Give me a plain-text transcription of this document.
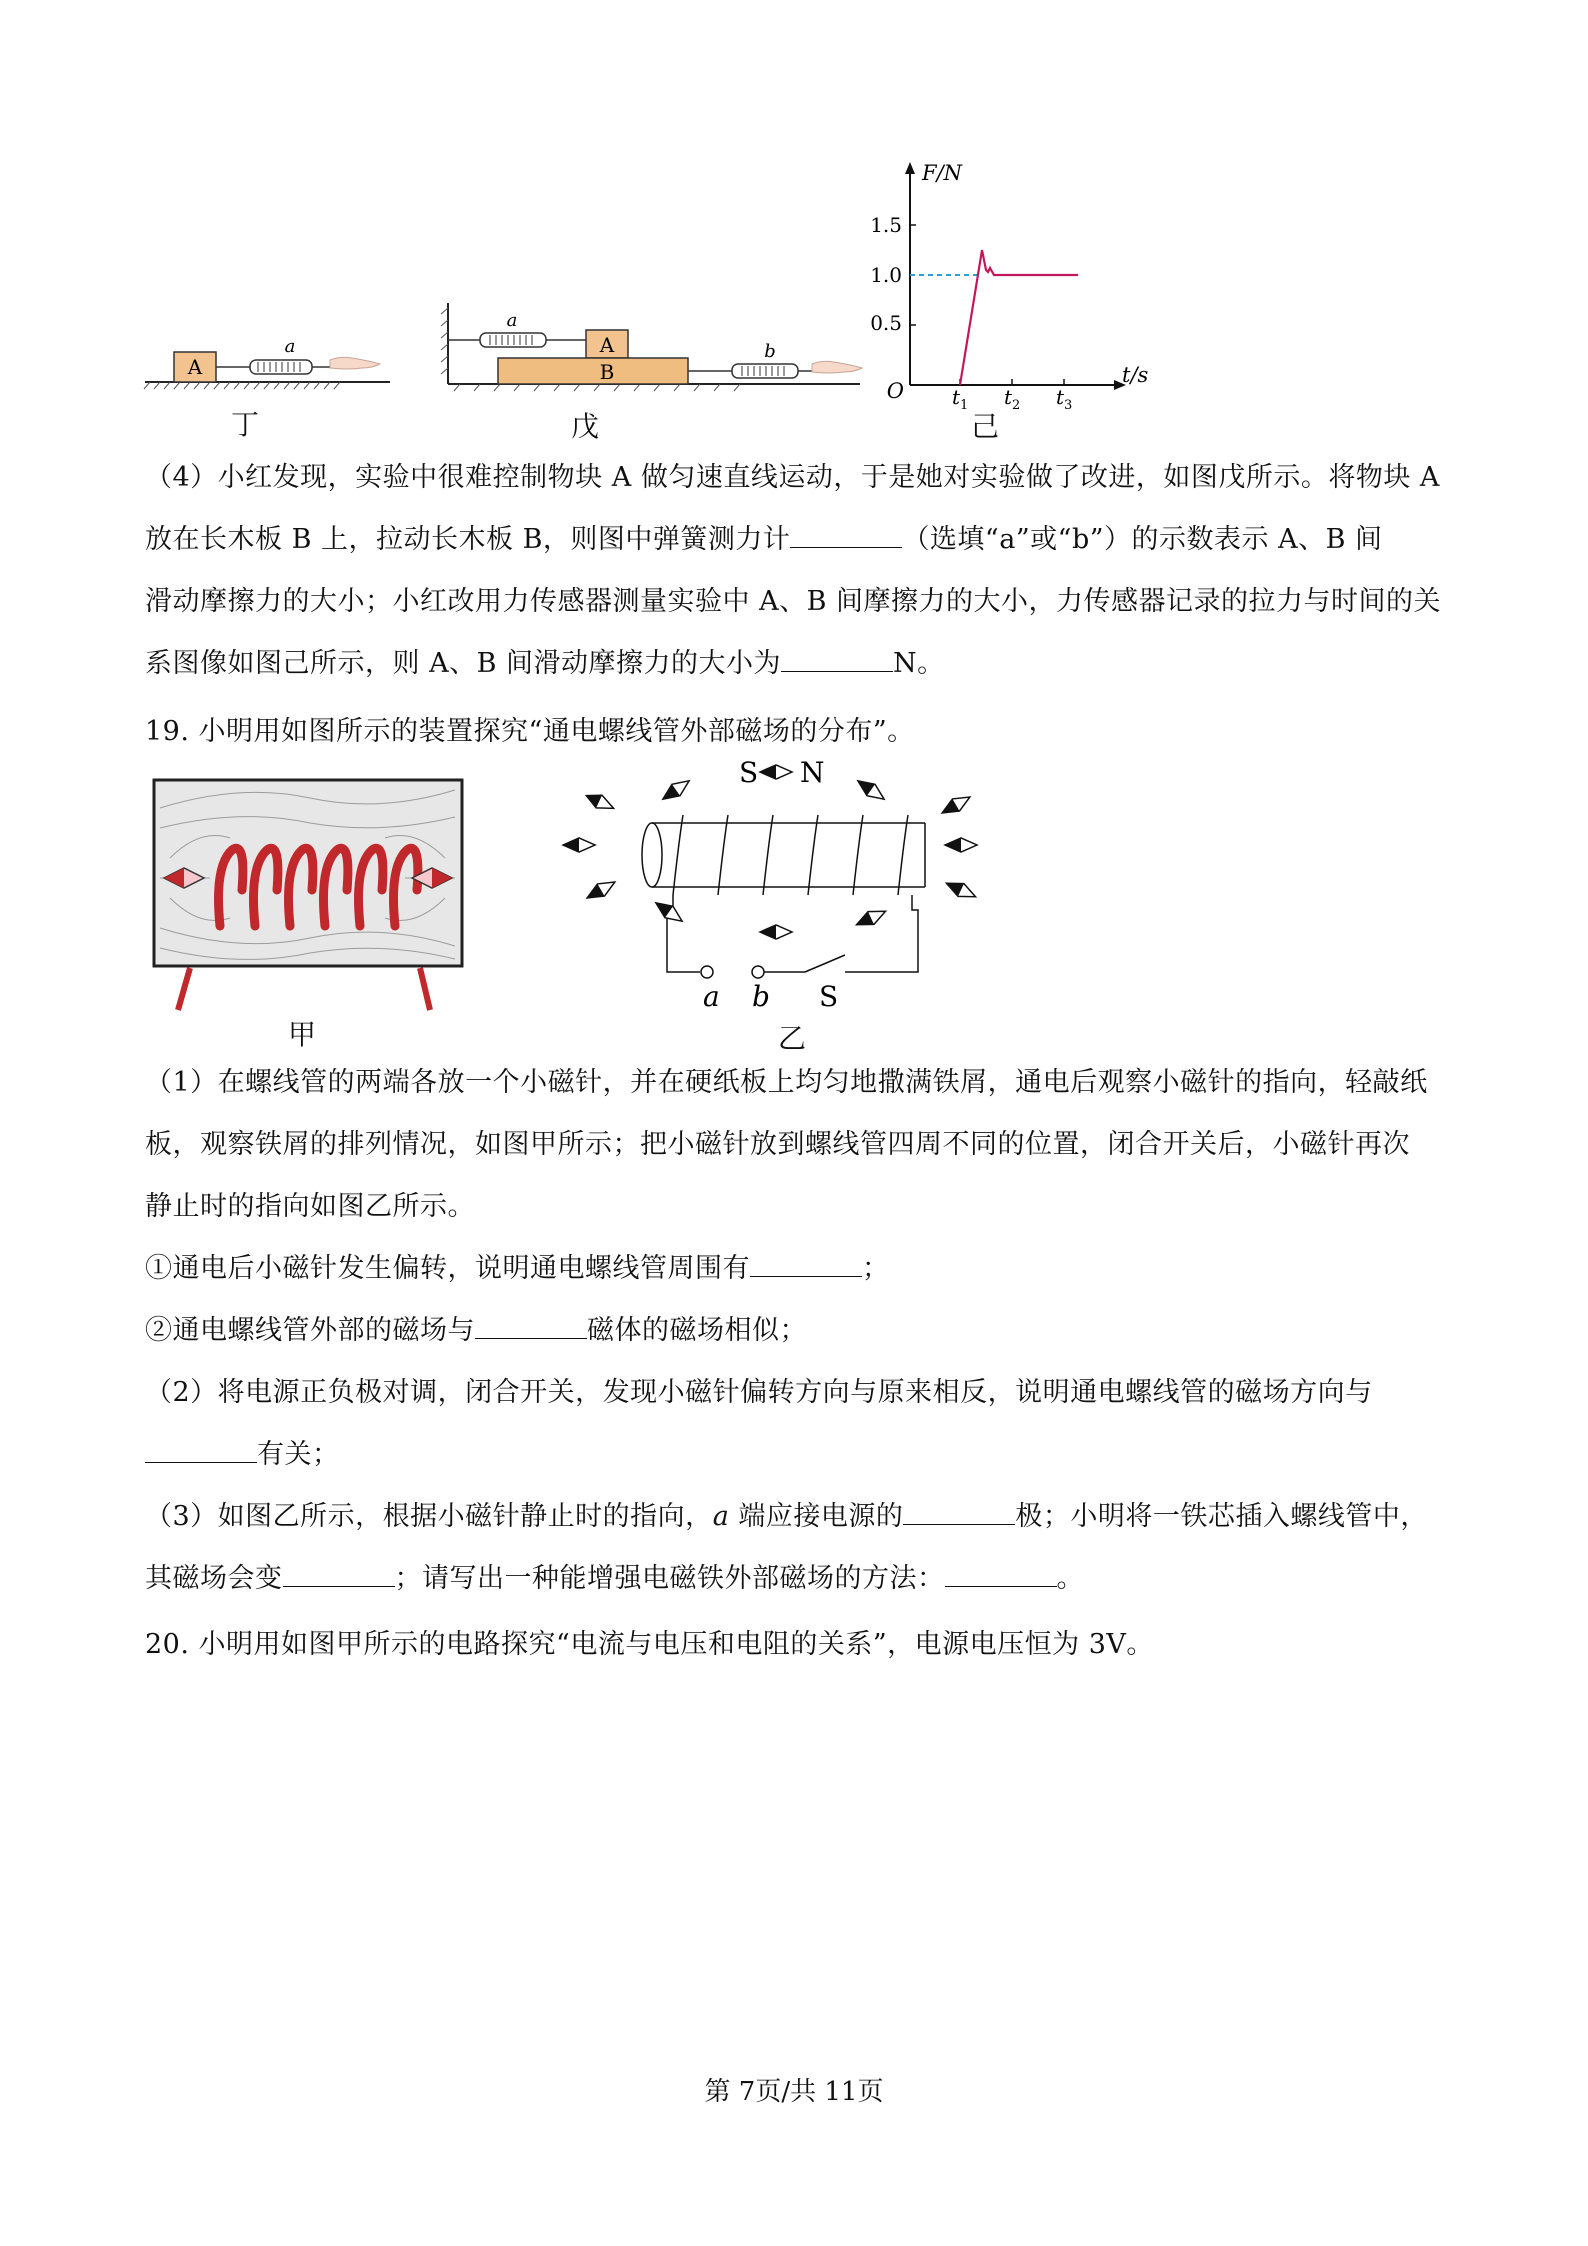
A
a
丁
a
A
B
b
戊
F/N
t/s
O
1.5
1.0
0.5
$t_1$ $t_2$ $t_3$
己
（4）小红发现，实验中很难控制物块 A 做匀速直线运动，于是她对实验做了改进，如图戊所示。将物块 A
放在长木板 B 上，拉动长木板 B，则图中弹簧测力计	（选填“a”或“b”）的示数表示 A、B 间
滑动摩擦力的大小；小红改用力传感器测量实验中 A、B 间摩擦力的大小，力传感器记录的拉力与时间的关
系图像如图己所示，则 A、B 间滑动摩擦力的大小为	N。
19. 小明用如图所示的装置探究“通电螺线管外部磁场的分布”。
甲
S N
a b S
乙
（1）在螺线管的两端各放一个小磁针，并在硬纸板上均匀地撒满铁屑，通电后观察小磁针的指向，轻敲纸
板，观察铁屑的排列情况，如图甲所示；把小磁针放到螺线管四周不同的位置，闭合开关后，小磁针再次
静止时的指向如图乙所示。
①通电后小磁针发生偏转，说明通电螺线管周围有	；
②通电螺线管外部的磁场与	磁体的磁场相似；
（2）将电源正负极对调，闭合开关，发现小磁针偏转方向与原来相反，说明通电螺线管的磁场方向与
有关；
（3）如图乙所示，根据小磁针静止时的指向，a 端应接电源的	极；小明将一铁芯插入螺线管中，
其磁场会变	；请写出一种能增强电磁铁外部磁场的方法：	。
20. 小明用如图甲所示的电路探究“电流与电压和电阻的关系”，电源电压恒为 3V。
第 7页/共 11页
